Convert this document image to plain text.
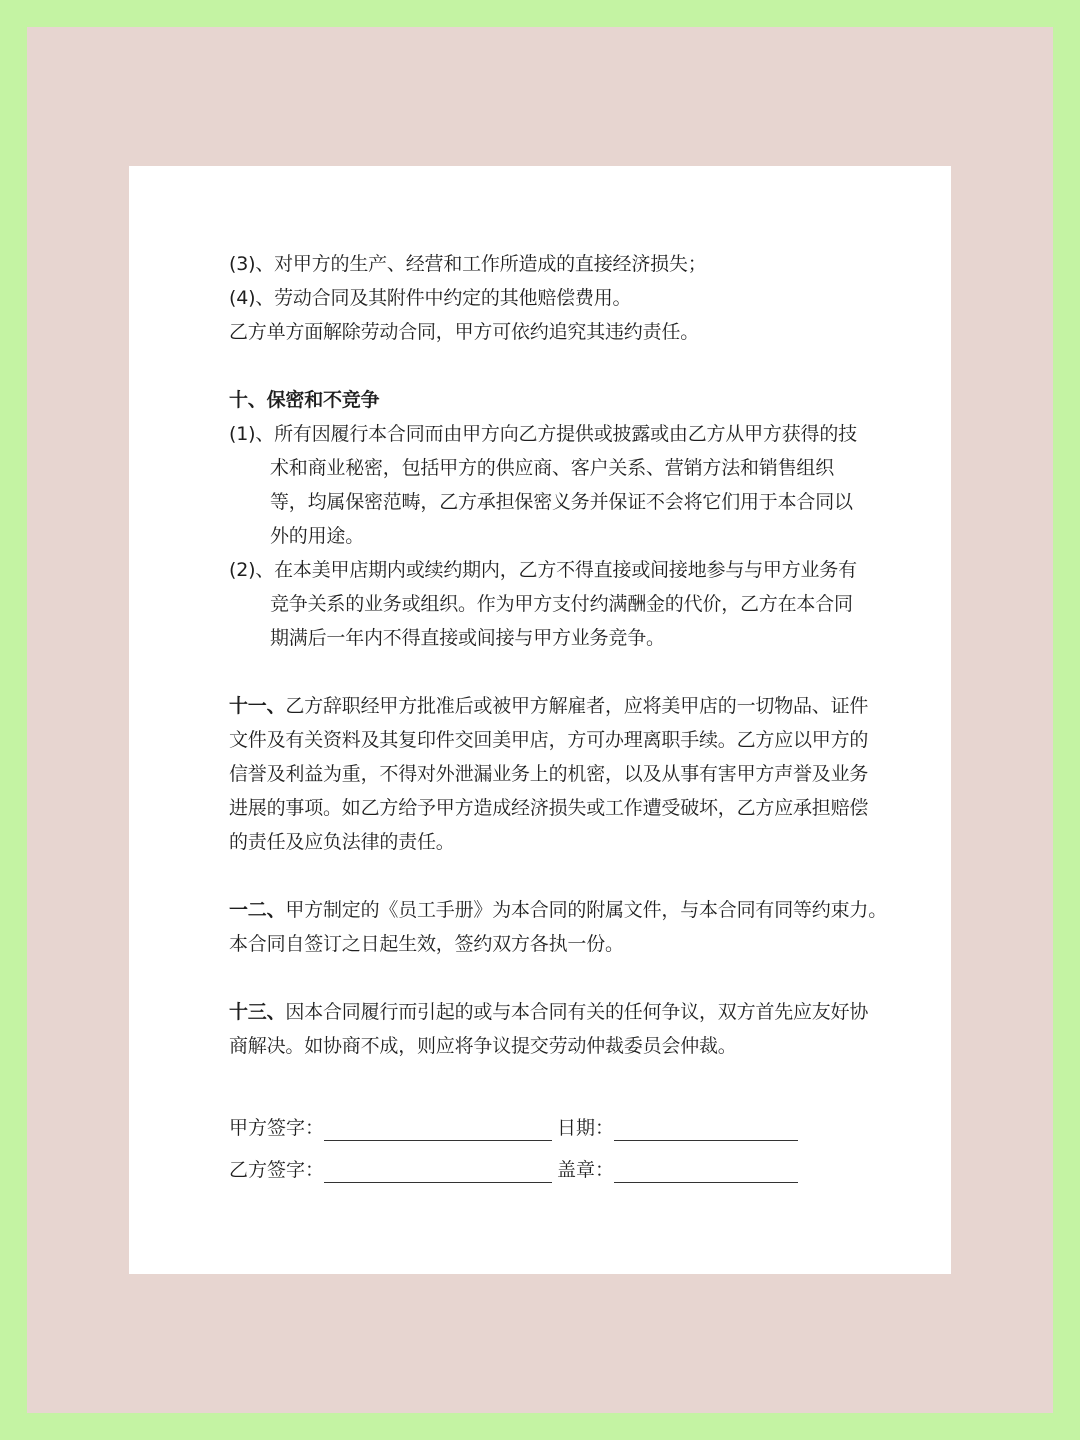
(3)、对甲方的生产、经营和工作所造成的直接经济损失；
(4)、劳动合同及其附件中约定的其他赔偿费用。
乙方单方面解除劳动合同，甲方可依约追究其违约责任。
十、保密和不竞争
(1)、所有因履行本合同而由甲方向乙方提供或披露或由乙方从甲方获得的技术和商业秘密，包括甲方的供应商、客户关系、营销方法和销售组织等，均属保密范畴，乙方承担保密义务并保证不会将它们用于本合同以外的用途。
(2)、在本美甲店期内或续约期内，乙方不得直接或间接地参与与甲方业务有竞争关系的业务或组织。作为甲方支付约满酬金的代价，乙方在本合同期满后一年内不得直接或间接与甲方业务竞争。
十一、乙方辞职经甲方批准后或被甲方解雇者，应将美甲店的一切物品、证件文件及有关资料及其复印件交回美甲店，方可办理离职手续。乙方应以甲方的信誉及利益为重，不得对外泄漏业务上的机密，以及从事有害甲方声誉及业务进展的事项。如乙方给予甲方造成经济损失或工作遭受破坏，乙方应承担赔偿的责任及应负法律的责任。
一二、甲方制定的《员工手册》为本合同的附属文件，与本合同有同等约束力。
本合同自签订之日起生效，签约双方各执一份。
十三、因本合同履行而引起的或与本合同有关的任何争议，双方首先应友好协商解决。如协商不成，则应将争议提交劳动仲裁委员会仲裁。
甲方签字：	日期：
乙方签字：	盖章：
